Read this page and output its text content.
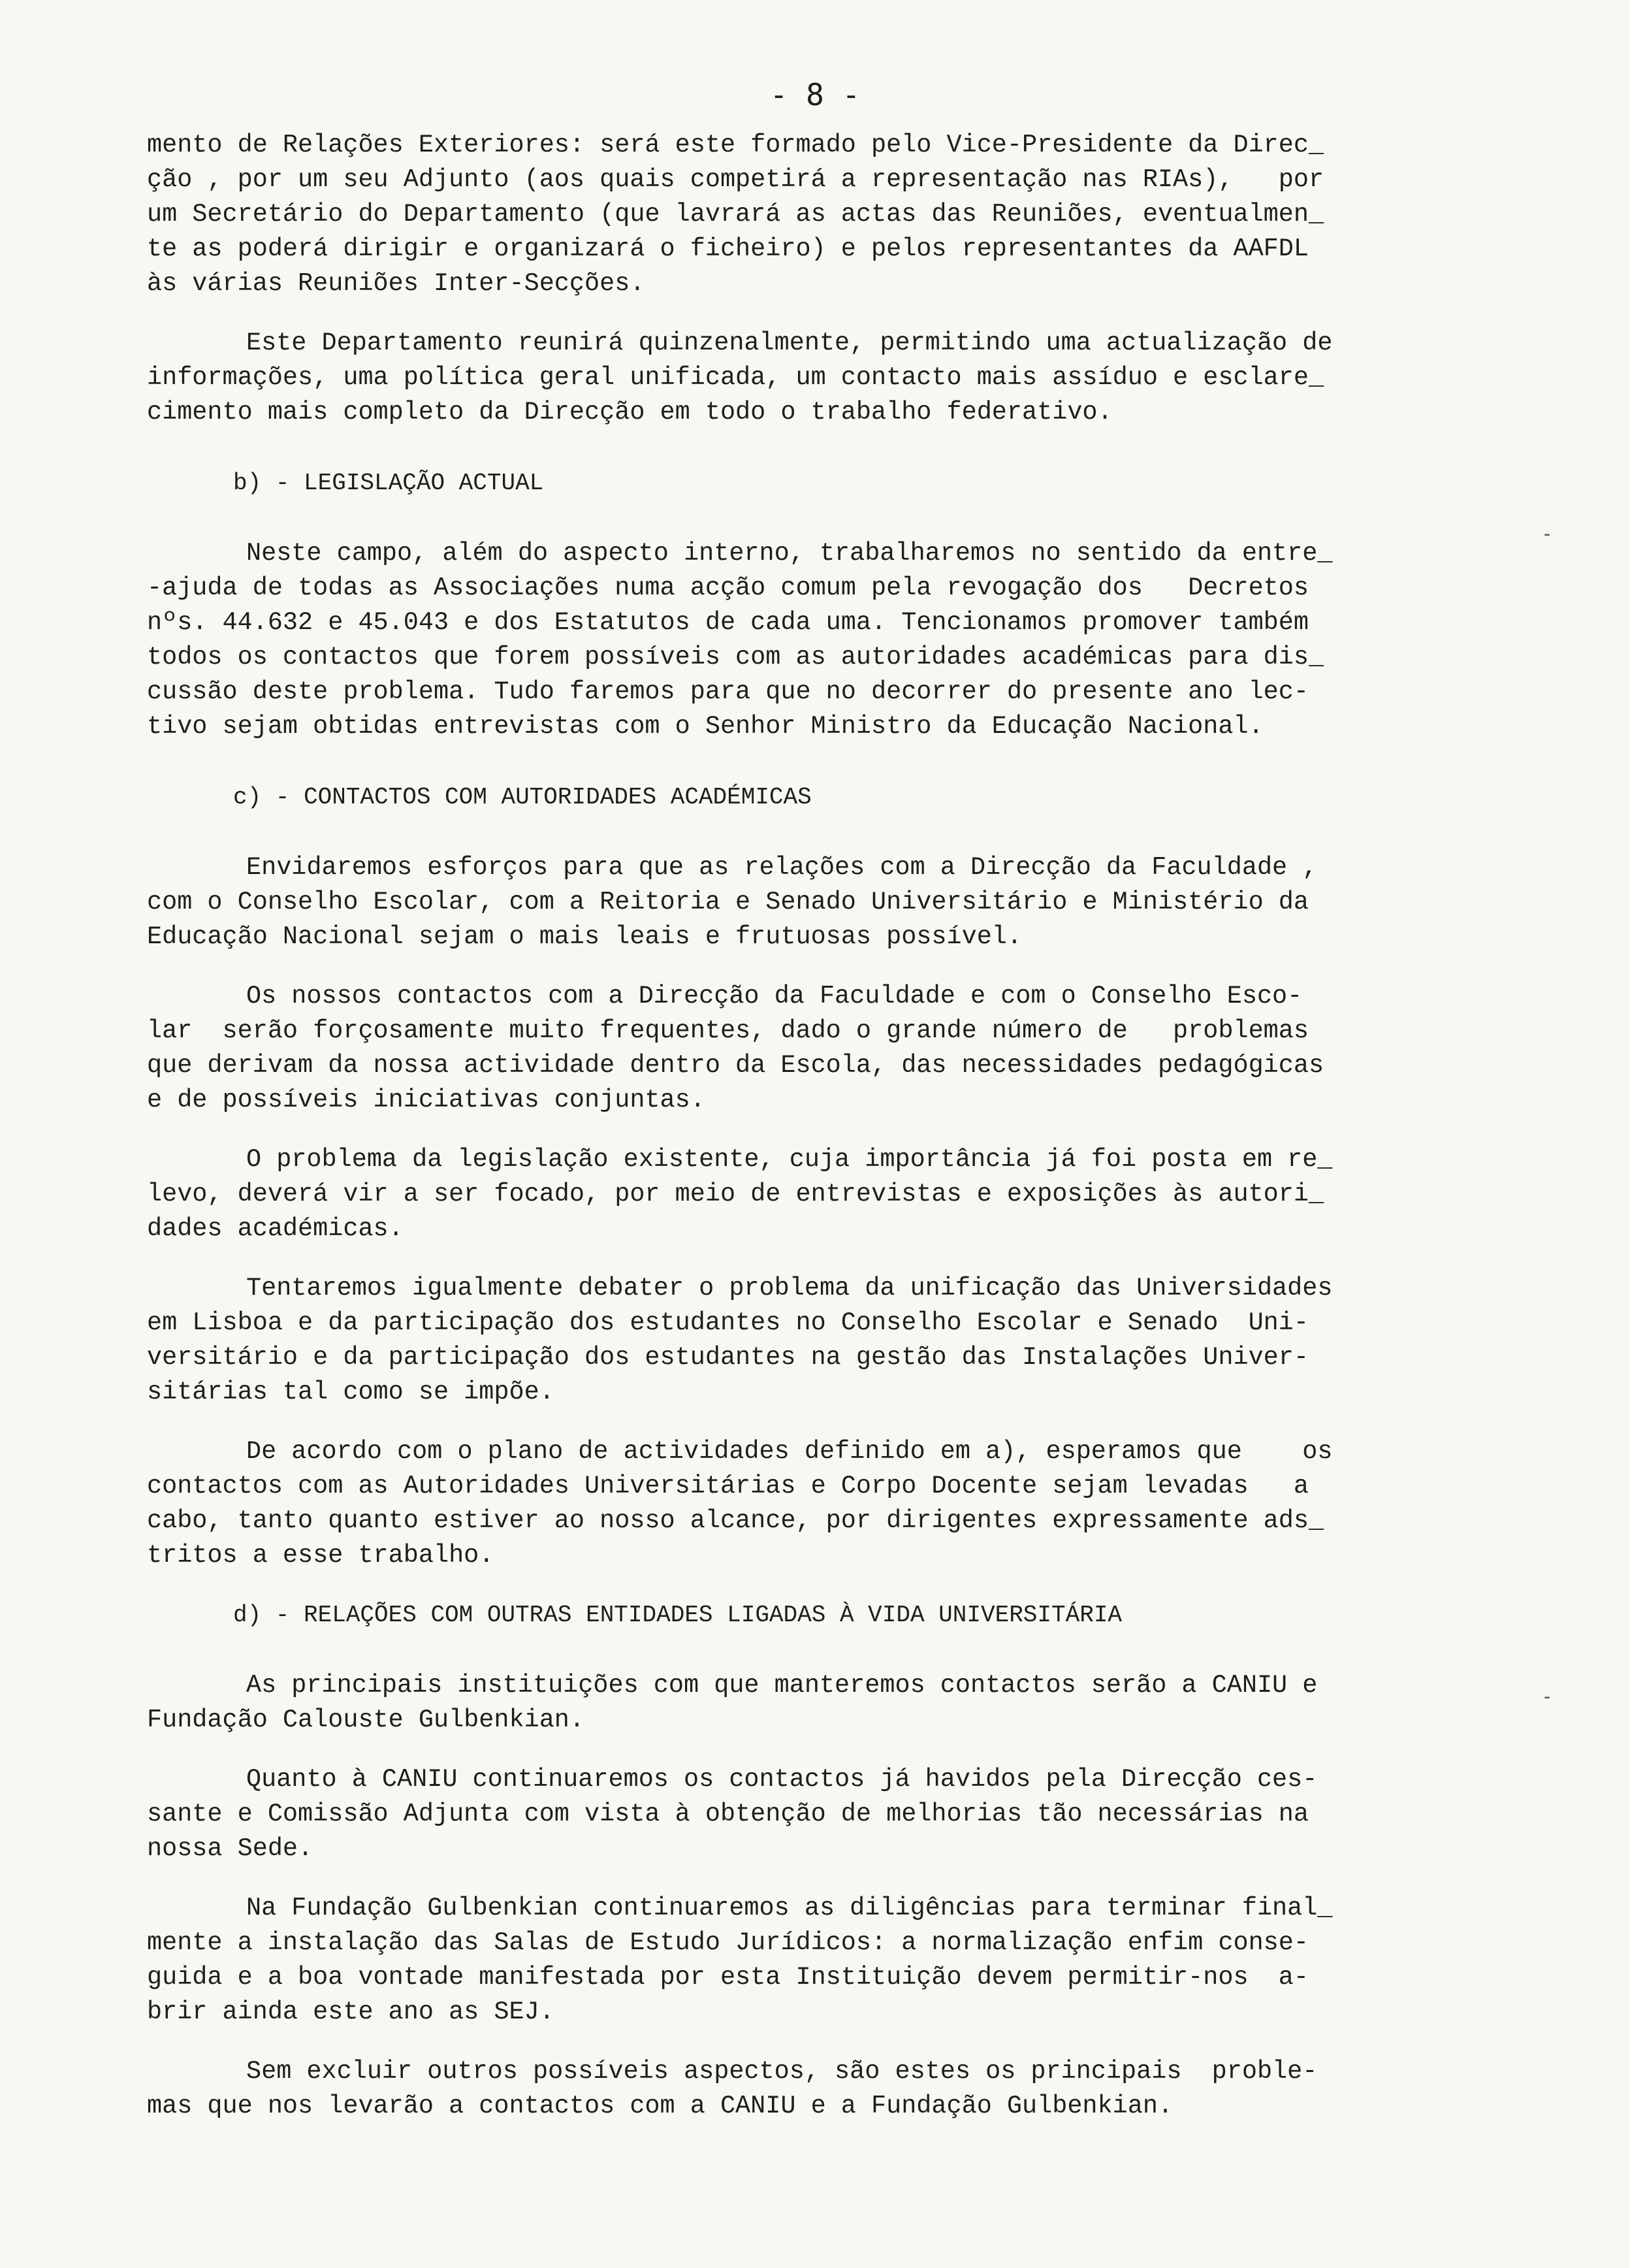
- 8 -

mento de Relações Exteriores: será este formado pelo Vice-Presidente da Direc_
ção , por um seu Adjunto (aos quais competirá a representação nas RIAs),   por
um Secretário do Departamento (que lavrará as actas das Reuniões, eventualmen_
te as poderá dirigir e organizará o ficheiro) e pelos representantes da AAFDL
às várias Reuniões Inter-Secções.

Este Departamento reunirá quinzenalmente, permitindo uma actualização de
informações, uma política geral unificada, um contacto mais assíduo e esclare_
cimento mais completo da Direcção em todo o trabalho federativo.

b) - LEGISLAÇÃO ACTUAL

Neste campo, além do aspecto interno, trabalharemos no sentido da entre_
-ajuda de todas as Associações numa acção comum pela revogação dos   Decretos
nºs. 44.632 e 45.043 e dos Estatutos de cada uma. Tencionamos promover também
todos os contactos que forem possíveis com as autoridades académicas para dis_
cussão deste problema. Tudo faremos para que no decorrer do presente ano lec-
tivo sejam obtidas entrevistas com o Senhor Ministro da Educação Nacional.

c) - CONTACTOS COM AUTORIDADES ACADÉMICAS

Envidaremos esforços para que as relações com a Direcção da Faculdade ,
com o Conselho Escolar, com a Reitoria e Senado Universitário e Ministério da
Educação Nacional sejam o mais leais e frutuosas possível.

Os nossos contactos com a Direcção da Faculdade e com o Conselho Esco-
lar  serão forçosamente muito frequentes, dado o grande número de   problemas
que derivam da nossa actividade dentro da Escola, das necessidades pedagógicas
e de possíveis iniciativas conjuntas.

O problema da legislação existente, cuja importância já foi posta em re_
levo, deverá vir a ser focado, por meio de entrevistas e exposições às autori_
dades académicas.

Tentaremos igualmente debater o problema da unificação das Universidades
em Lisboa e da participação dos estudantes no Conselho Escolar e Senado  Uni-
versitário e da participação dos estudantes na gestão das Instalações Univer-
sitárias tal como se impõe.

De acordo com o plano de actividades definido em a), esperamos que    os
contactos com as Autoridades Universitárias e Corpo Docente sejam levadas   a
cabo, tanto quanto estiver ao nosso alcance, por dirigentes expressamente ads_
tritos a esse trabalho.

d) - RELAÇÕES COM OUTRAS ENTIDADES LIGADAS À VIDA UNIVERSITÁRIA

As principais instituições com que manteremos contactos serão a CANIU e
Fundação Calouste Gulbenkian.

Quanto à CANIU continuaremos os contactos já havidos pela Direcção ces-
sante e Comissão Adjunta com vista à obtenção de melhorias tão necessárias na
nossa Sede.

Na Fundação Gulbenkian continuaremos as diligências para terminar final_
mente a instalação das Salas de Estudo Jurídicos: a normalização enfim conse-
guida e a boa vontade manifestada por esta Instituição devem permitir-nos  a-
brir ainda este ano as SEJ.

Sem excluir outros possíveis aspectos, são estes os principais  proble-
mas que nos levarão a contactos com a CANIU e a Fundação Gulbenkian.

-
-
